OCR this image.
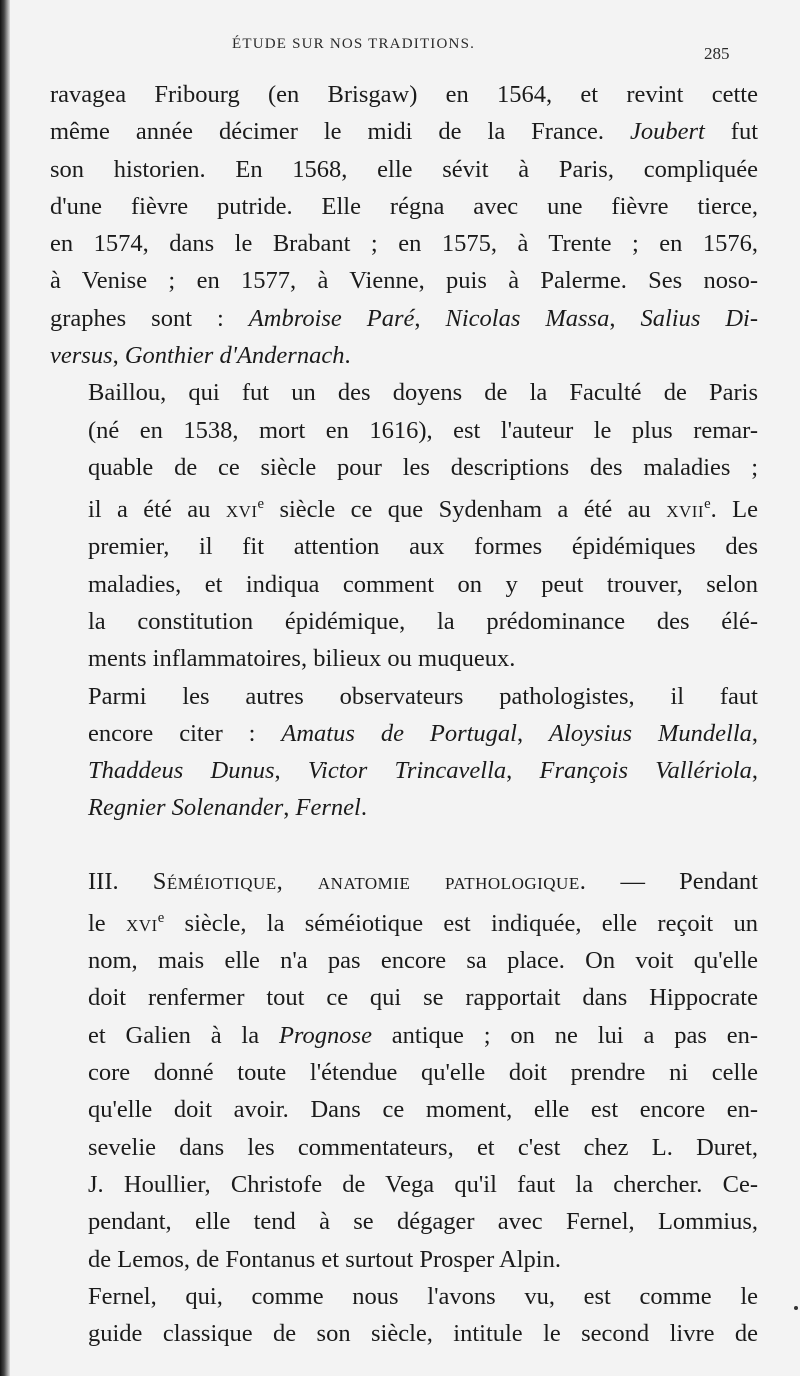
ÉTUDE SUR NOS TRADITIONS.	285

ravagea Fribourg (en Brisgaw) en 1564, et revint cette
même année décimer le midi de la France. Joubert fut
son historien. En 1568, elle sévit à Paris, compliquée
d'une fièvre putride. Elle régna avec une fièvre tierce,
en 1574, dans le Brabant ; en 1575, à Trente ; en 1576,
à Venise ; en 1577, à Vienne, puis à Palerme. Ses noso-
graphes sont : Ambroise Paré, Nicolas Massa, Salius Di-
versus, Gonthier d'Andernach.

Baillou, qui fut un des doyens de la Faculté de Paris
(né en 1538, mort en 1616), est l'auteur le plus remar-
quable de ce siècle pour les descriptions des maladies ;
il a été au xvi$^e$ siècle ce que Sydenham a été au xvii$^e$. Le
premier, il fit attention aux formes épidémiques des
maladies, et indiqua comment on y peut trouver, selon
la constitution épidémique, la prédominance des élé-
ments inflammatoires, bilieux ou muqueux.

Parmi les autres observateurs pathologistes, il faut
encore citer : Amatus de Portugal, Aloysius Mundella,
Thaddeus Dunus, Victor Trincavella, François Vallériola,
Regnier Solenander, Fernel.

III. Séméiotique, anatomie pathologique. — Pendant
le xvi$^e$ siècle, la séméiotique est indiquée, elle reçoit un
nom, mais elle n'a pas encore sa place. On voit qu'elle
doit renfermer tout ce qui se rapportait dans Hippocrate
et Galien à la Prognose antique ; on ne lui a pas en-
core donné toute l'étendue qu'elle doit prendre ni celle
qu'elle doit avoir. Dans ce moment, elle est encore en-
sevelie dans les commentateurs, et c'est chez L. Duret,
J. Houllier, Christofe de Vega qu'il faut la chercher. Ce-
pendant, elle tend à se dégager avec Fernel, Lommius,
de Lemos, de Fontanus et surtout Prosper Alpin.

Fernel, qui, comme nous l'avons vu, est comme le
guide classique de son siècle, intitule le second livre de
